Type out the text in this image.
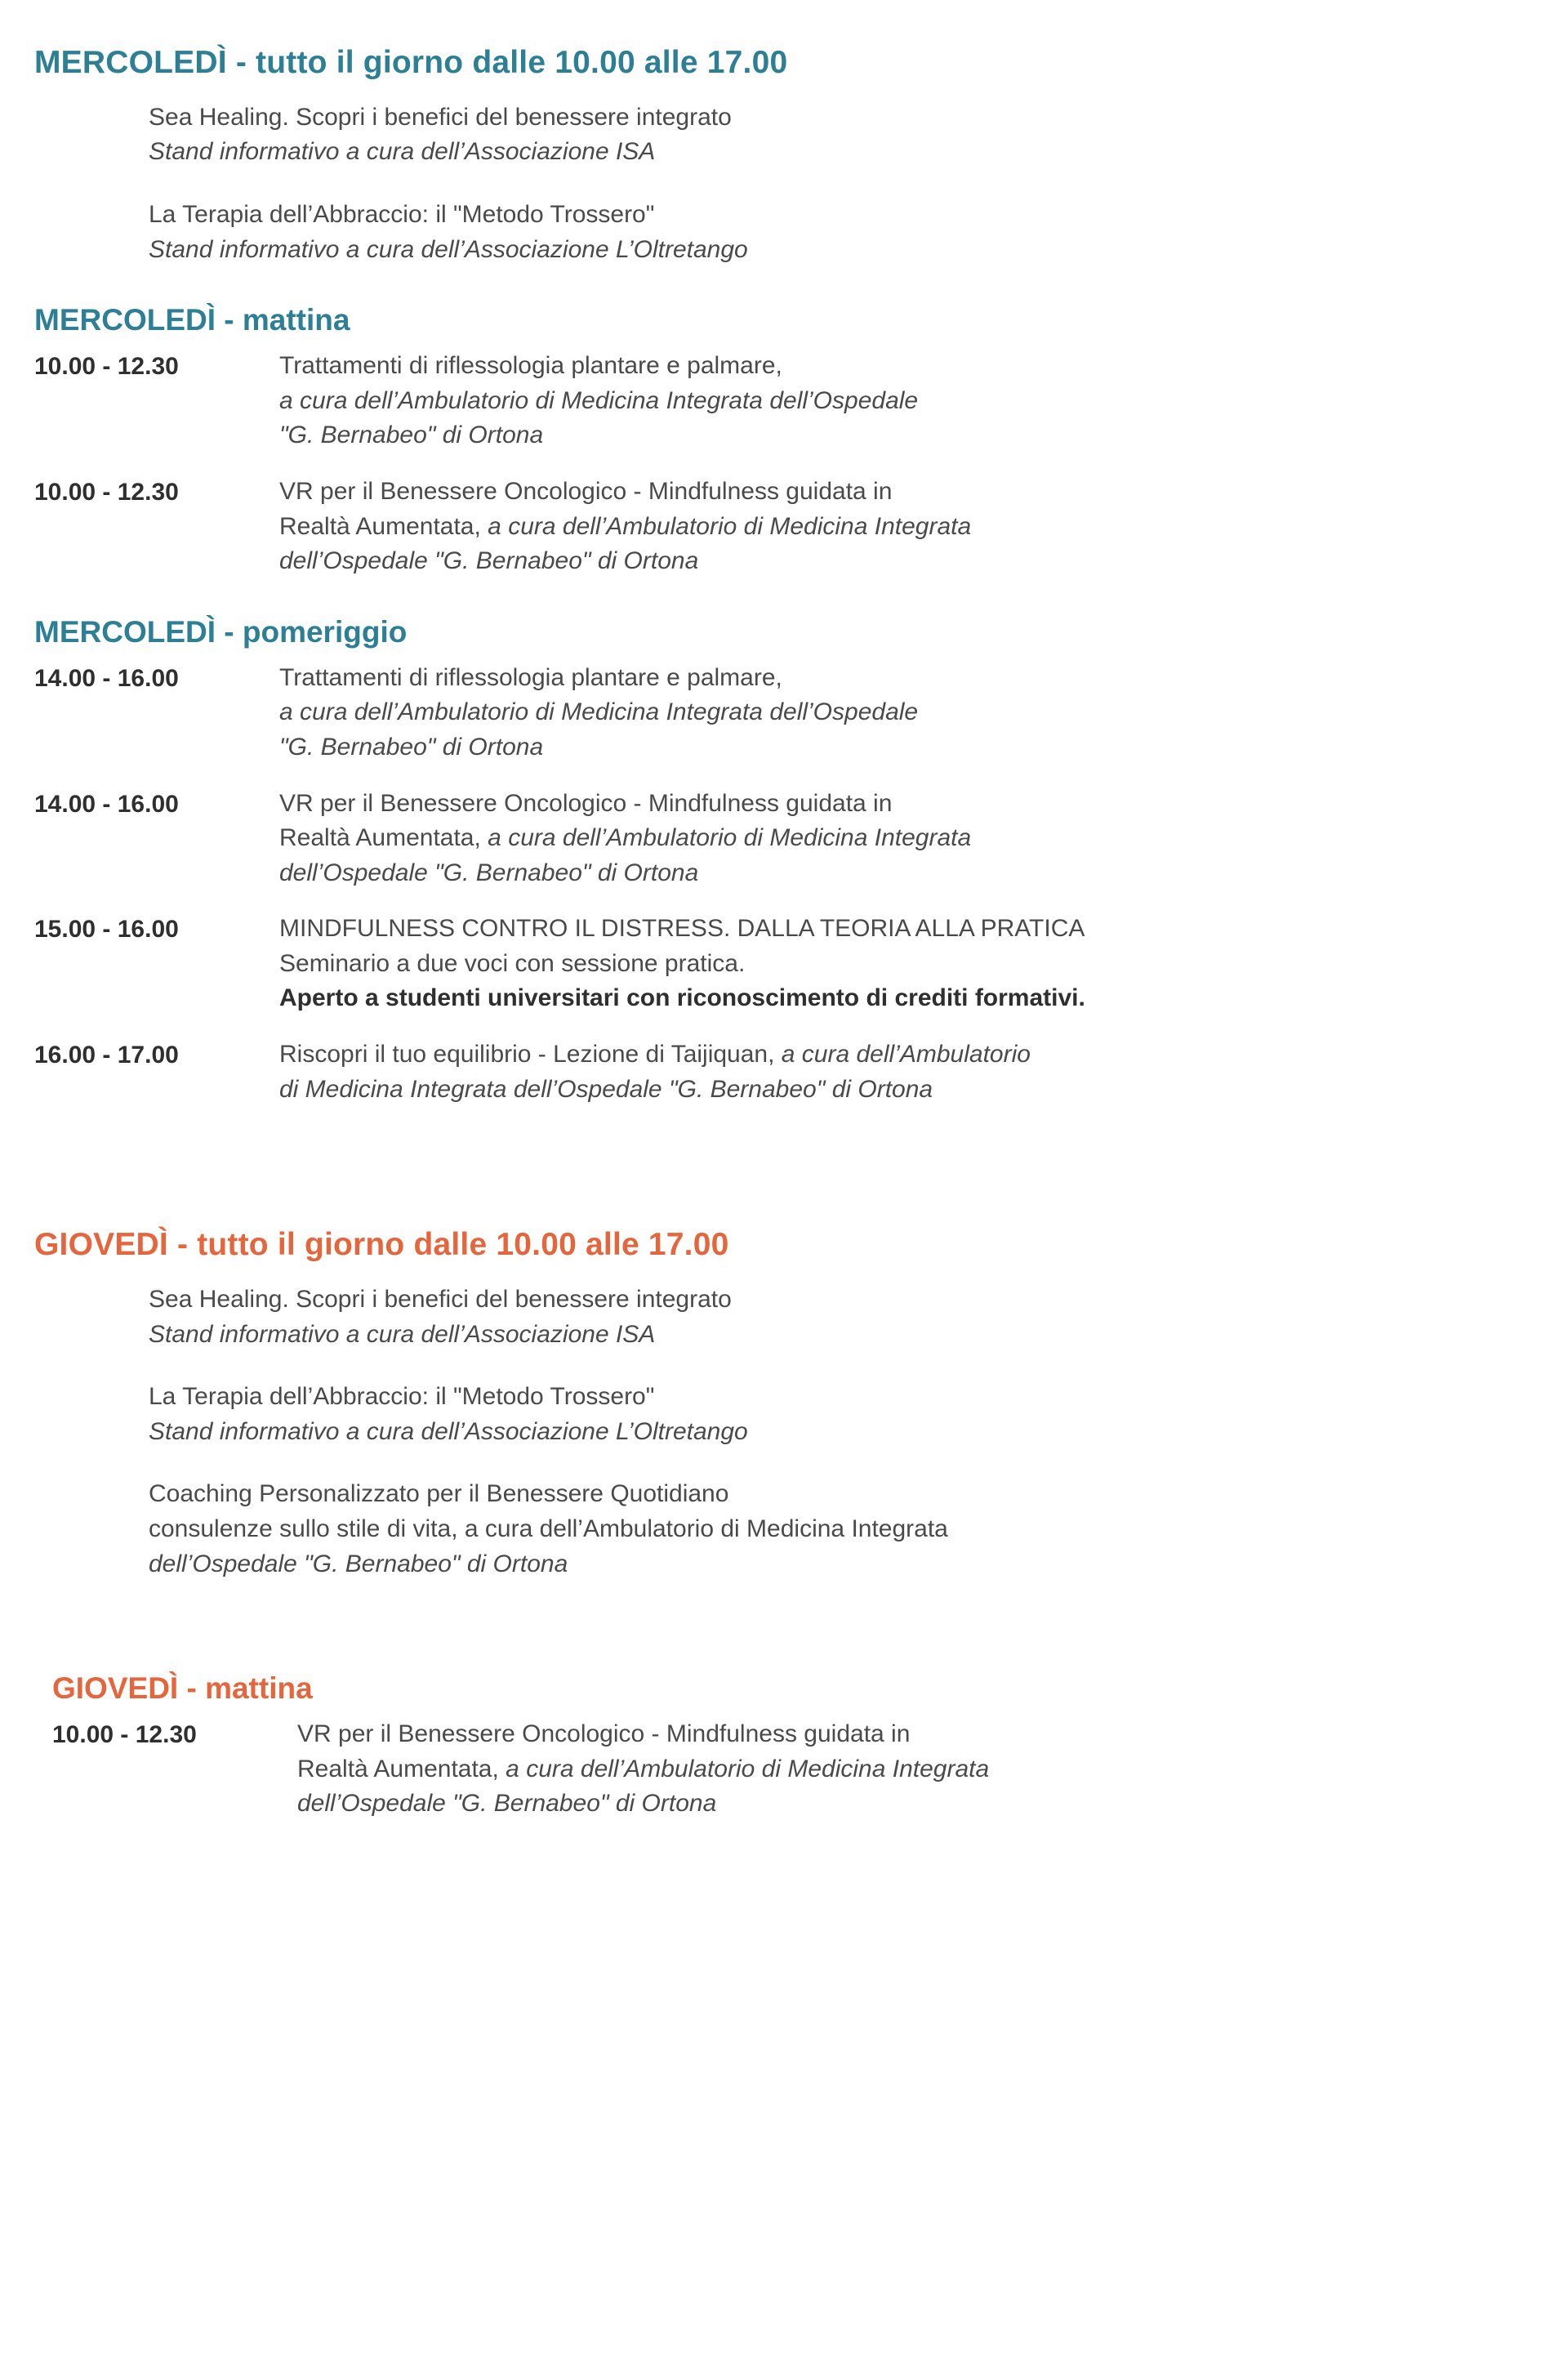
MERCOLEDÌ - tutto il giorno dalle 10.00 alle 17.00

Sea Healing. Scopri i benefici del benessere integrato

Stand informativo a cura dell’Associazione ISA

La Terapia dell’Abbraccio: il "Metodo Trossero"

Stand informativo a cura dell’Associazione L’Oltretango

MERCOLEDÌ - mattina
10.00 - 12.30	Trattamenti di riflessologia plantare e palmare,
a cura dell’Ambulatorio di Medicina Integrata dell’Ospedale
"G. Bernabeo" di Ortona
10.00 - 12.30	VR per il Benessere Oncologico - Mindfulness guidata in
Realtà Aumentata, a cura dell’Ambulatorio di Medicina Integrata
dell’Ospedale "G. Bernabeo" di Ortona
MERCOLEDÌ - pomeriggio
14.00 - 16.00	Trattamenti di riflessologia plantare e palmare,
a cura dell’Ambulatorio di Medicina Integrata dell’Ospedale
"G. Bernabeo" di Ortona
14.00 - 16.00	VR per il Benessere Oncologico - Mindfulness guidata in
Realtà Aumentata, a cura dell’Ambulatorio di Medicina Integrata
dell’Ospedale "G. Bernabeo" di Ortona
15.00 - 16.00	MINDFULNESS CONTRO IL DISTRESS. DALLA TEORIA ALLA PRATICA
Seminario a due voci con sessione pratica.
Aperto a studenti universitari con riconoscimento di crediti formativi.
16.00 - 17.00	Riscopri il tuo equilibrio - Lezione di Taijiquan, a cura dell’Ambulatorio
di Medicina Integrata dell’Ospedale "G. Bernabeo" di Ortona
GIOVEDÌ - tutto il giorno dalle 10.00 alle 17.00

Sea Healing. Scopri i benefici del benessere integrato

Stand informativo a cura dell’Associazione ISA

La Terapia dell’Abbraccio: il "Metodo Trossero"

Stand informativo a cura dell’Associazione L’Oltretango

Coaching Personalizzato per il Benessere Quotidiano

consulenze sullo stile di vita, a cura dell’Ambulatorio di Medicina Integrata

dell’Ospedale "G. Bernabeo" di Ortona

GIOVEDÌ - mattina
10.00 - 12.30	VR per il Benessere Oncologico - Mindfulness guidata in
Realtà Aumentata, a cura dell’Ambulatorio di Medicina Integrata
dell’Ospedale "G. Bernabeo" di Ortona
